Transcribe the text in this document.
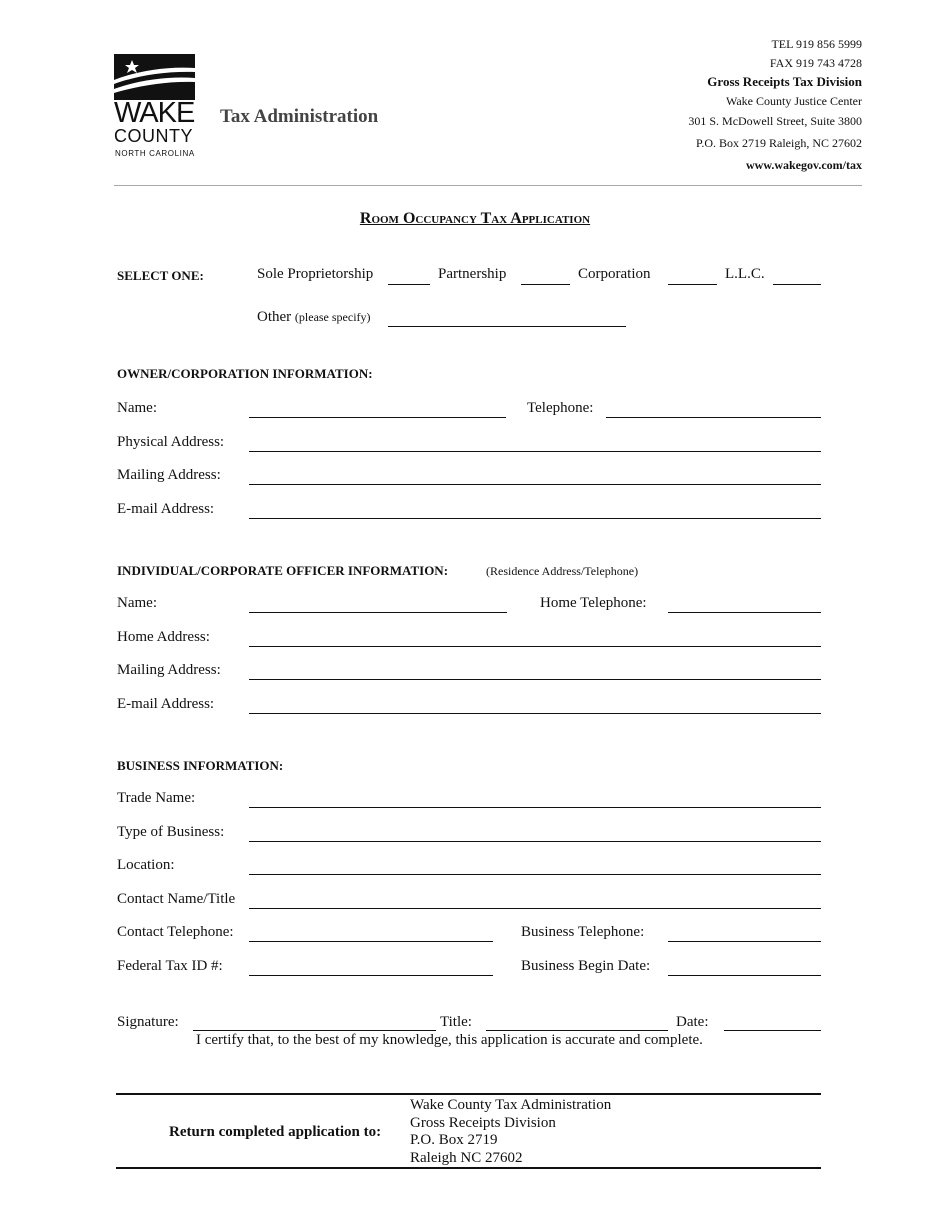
WAKE
COUNTY
NORTH CAROLINA
Tax Administration
TEL 919 856 5999
FAX 919 743 4728
Gross Receipts Tax Division
Wake County Justice Center
301 S. McDowell Street, Suite 3800
P.O. Box 2719 Raleigh, NC 27602
www.wakegov.com/tax
Room Occupancy Tax Application
SELECT ONE:	Sole Proprietorship	Partnership	Corporation	L.L.C.
Other (please specify)
OWNER/CORPORATION INFORMATION:
Name:	Telephone:
Physical Address:
Mailing Address:
E-mail Address:
INDIVIDUAL/CORPORATE OFFICER INFORMATION:	(Residence Address/Telephone)
Name:	Home Telephone:
Home Address:
Mailing Address:
E-mail Address:
BUSINESS INFORMATION:
Trade Name:
Type of Business:
Location:
Contact Name/Title
Contact Telephone:	Business Telephone:
Federal Tax ID #:	Business Begin Date:
Signature:	Title:	Date:
I certify that, to the best of my knowledge, this application is accurate and complete.
Return completed application to:
Wake County Tax Administration
Gross Receipts Division
P.O. Box 2719
Raleigh NC 27602
